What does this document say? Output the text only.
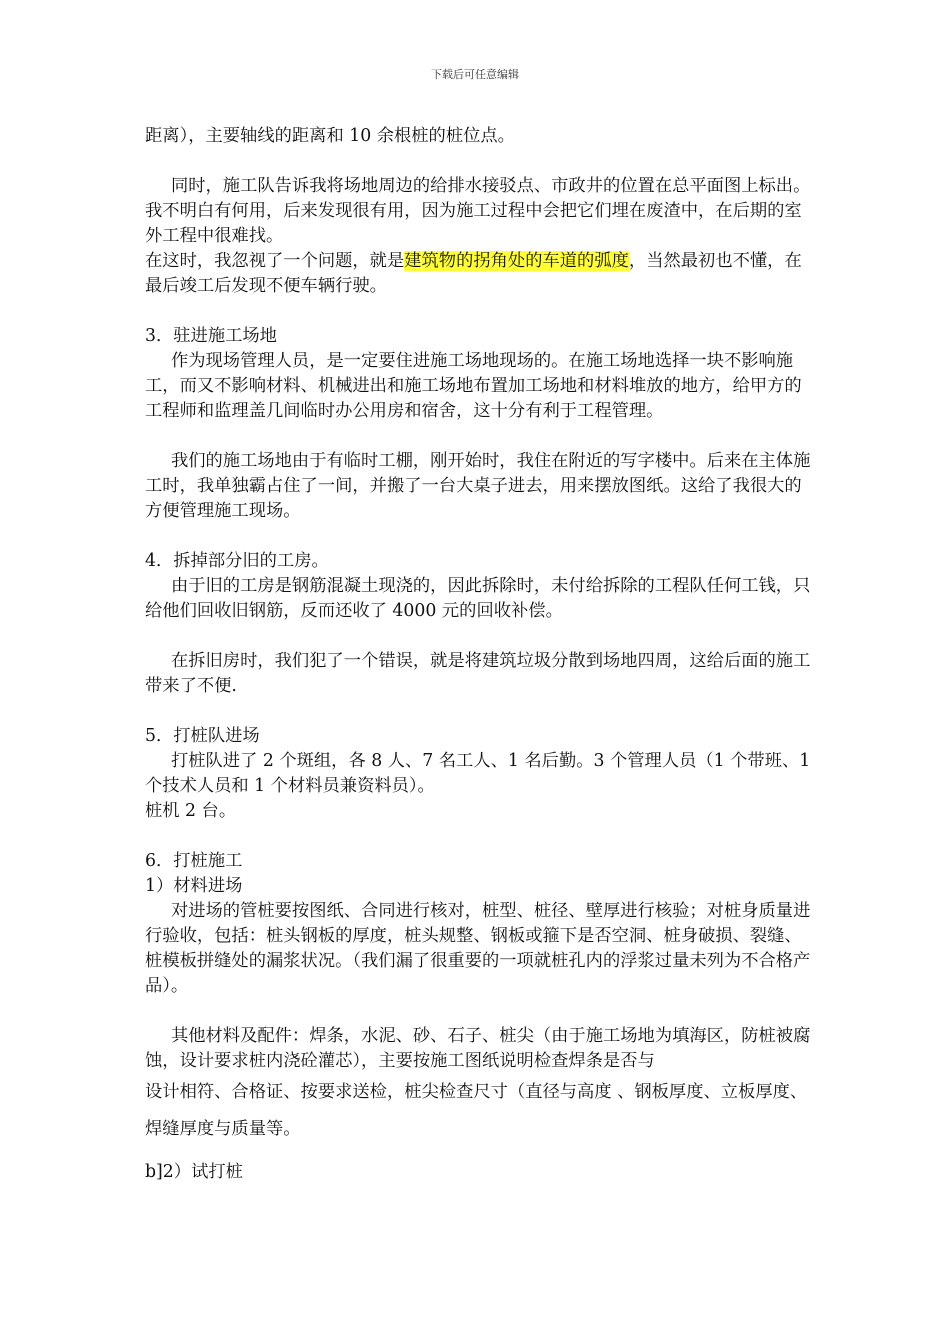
下载后可任意编辑

距离），主要轴线的距离和 10 余根桩的桩位点。

同时，施工队告诉我将场地周边的给排水接驳点、市政井的位置在总平面图上标出。我不明白有何用，后来发现很有用，因为施工过程中会把它们埋在废渣中，在后期的室外工程中很难找。

在这时，我忽视了一个问题，就是建筑物的拐角处的车道的弧度，当然最初也不懂，在最后竣工后发现不便车辆行驶。

3．驻进施工场地

作为现场管理人员，是一定要住进施工场地现场的。在施工场地选择一块不影响施工，而又不影响材料、机械进出和施工场地布置加工场地和材料堆放的地方，给甲方的工程师和监理盖几间临时办公用房和宿舍，这十分有利于工程管理。

我们的施工场地由于有临时工棚，刚开始时，我住在附近的写字楼中。后来在主体施工时，我单独霸占住了一间，并搬了一台大桌子进去，用来摆放图纸。这给了我很大的方便管理施工现场。

4．拆掉部分旧的工房。

由于旧的工房是钢筋混凝土现浇的，因此拆除时，未付给拆除的工程队任何工钱，只给他们回收旧钢筋，反而还收了 4000 元的回收补偿。

在拆旧房时，我们犯了一个错误，就是将建筑垃圾分散到场地四周，这给后面的施工带来了不便.

5．打桩队进场

打桩队进了 2 个斑组，各 8 人、7 名工人、1 名后勤。3 个管理人员（1 个带班、1 个技术人员和 1 个材料员兼资料员）。

桩机 2 台。

6．打桩施工

1）材料进场

对进场的管桩要按图纸、合同进行核对，桩型、桩径、壁厚进行核验；对桩身质量进行验收，包括：桩头钢板的厚度，桩头规整、钢板或箍下是否空洞、桩身破损、裂缝、桩模板拼缝处的漏浆状况。（我们漏了很重要的一项就桩孔内的浮浆过量未列为不合格产品）。

其他材料及配件：焊条，水泥、砂、石子、桩尖（由于施工场地为填海区，防桩被腐蚀，设计要求桩内浇砼灌芯），主要按施工图纸说明检查焊条是否与

设计相符、合格证、按要求送检，桩尖检查尺寸（直径与高度 、钢板厚度、立板厚度、焊缝厚度与质量等。

b]2）试打桩
